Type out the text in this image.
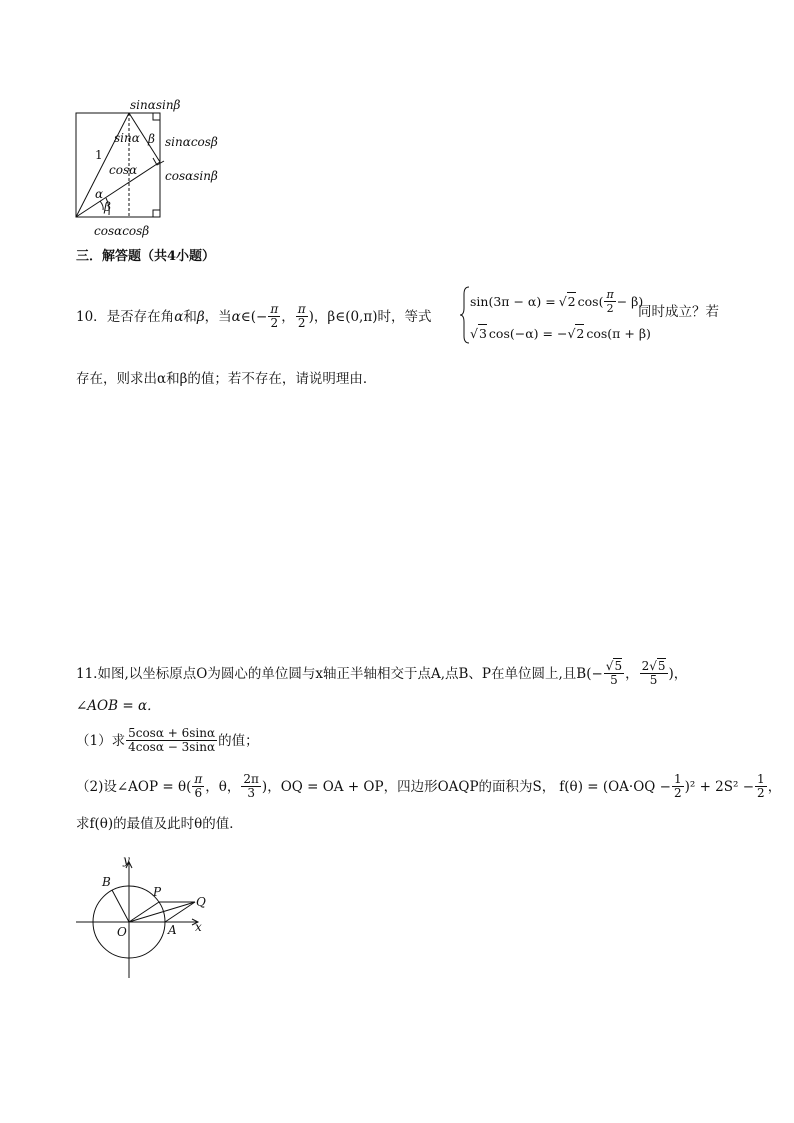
sinαsinβ
sinα β sinαcosβ
1
cosα cosαsinβ
α
β
cosαcosβ
三．解答题（共4小题）
10． 是否存在角 α 和 β ，当 α ∈ (− $\frac{\pi}{2}$ ， $\frac{\pi}{2}$ ) ，β∈(0,π)时，等式
sin(3π − α) = √ 2 $\cos( \frac{\pi}{2} - \beta)$
√ 3 cos(−α) = − √ 2 cos(π + β)
同时成立？若
存在，则求出α和β的值；若不存在，请说明理由．
11. 如图,以坐标原点O为圆心的单位圆与x轴正半轴相交于点A,点B、P在单位圆上,且$B(- \frac{√5}{5}$ ， $\frac{2√5}{5}$ )，
∠AOB = α．
（1）求 $\frac{5\cos\alpha + 6\sin\alpha}{4\cos\alpha - 3\sin\alpha}$ 的值；
（2)设∠AOP = $\theta( \frac{\pi}{6}$ ，θ， $\frac{2\pi}{3}$ )，OQ = OA + OP，四边形OAQP的面积为S， $f(\theta) = (OA\cdot OQ - \frac{1}{2} )^2 + 2S^2 - \frac{1}{2}$ ，
求f(θ)的最值及此时θ的值．
y
B
P
Q
O	A x
